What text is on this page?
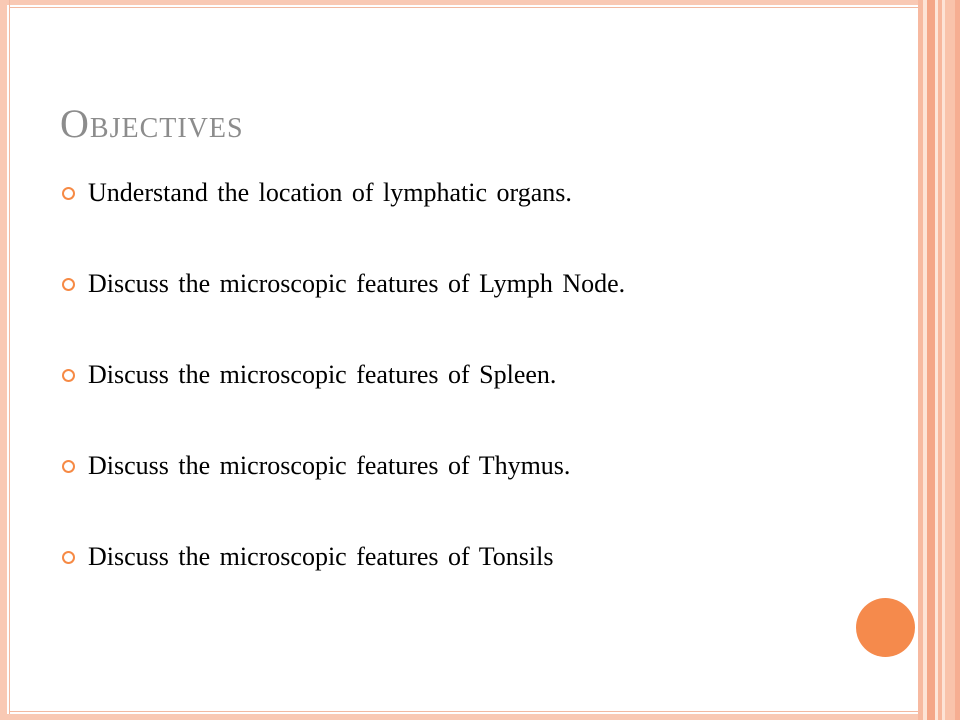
Objectives
Understand the location of lymphatic organs.
Discuss the microscopic features of Lymph Node.
Discuss the microscopic features of Spleen.
Discuss the microscopic features of Thymus.
Discuss the microscopic features of Tonsils
